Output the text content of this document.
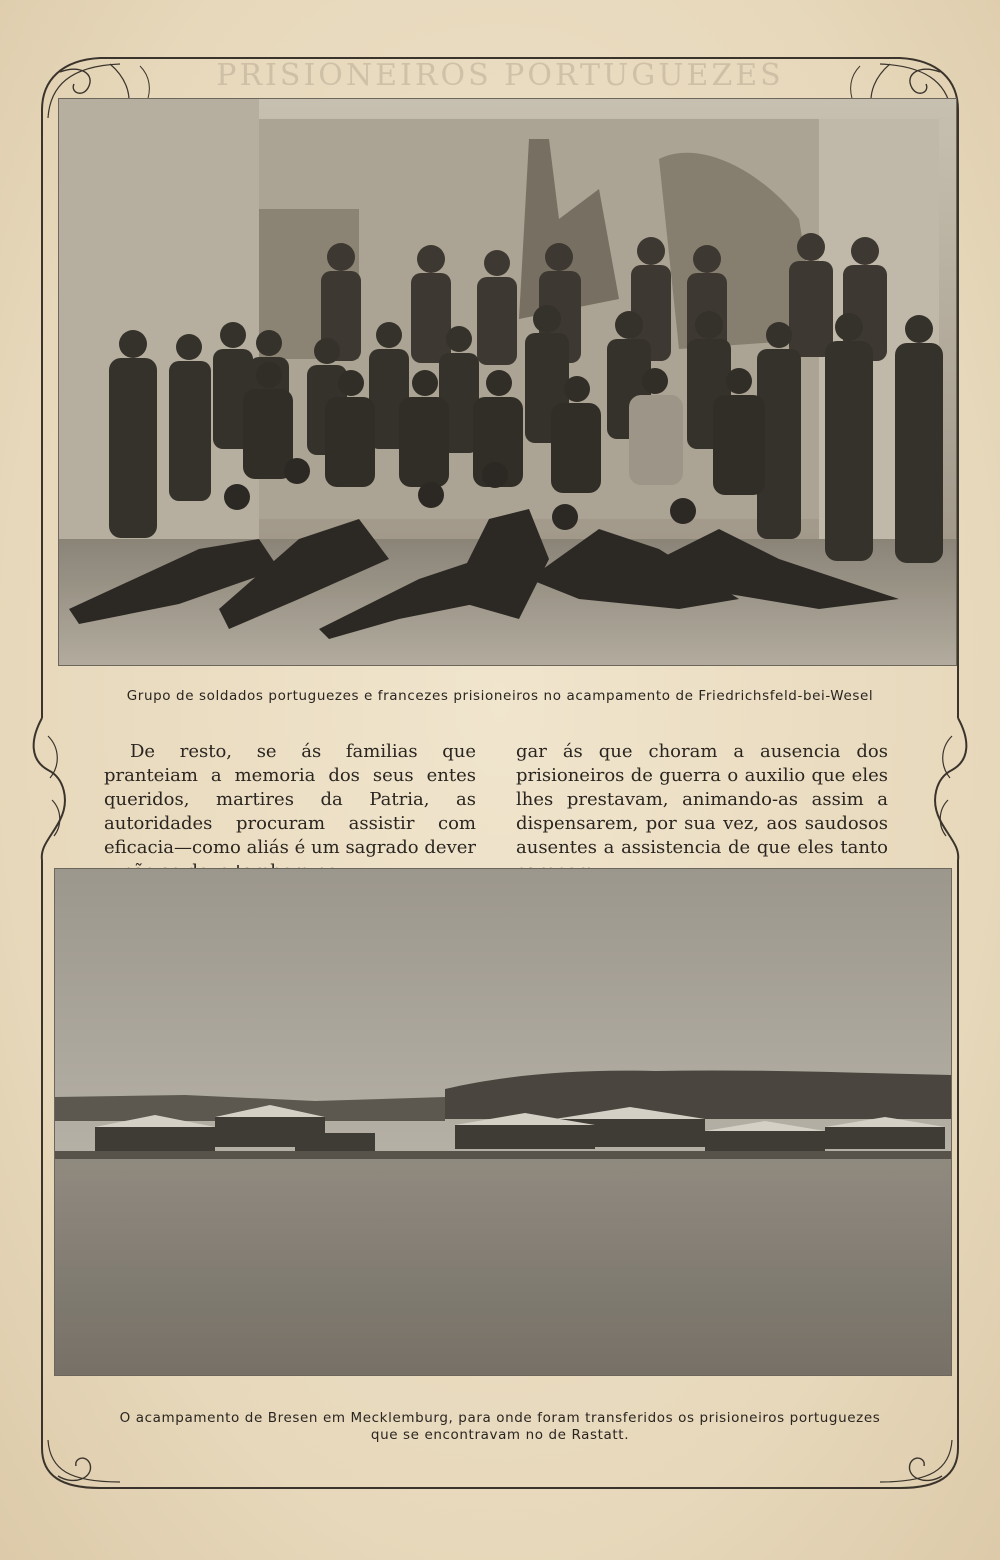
PRISIONEIROS PORTUGUEZES
Grupo de soldados portuguezes e francezes prisioneiros no acampamento de Friedrichsfeld-bei-Wesel

De resto, se ás familias que pranteiam a memoria dos seus entes queridos, martires da Patria, as autoridades procuram assistir com eficacia—como aliás é um sagrado dever

gar ás que choram a ausencia dos prisioneiros de guerra o auxilio que eles lhes prestavam, animando-as assim a dispensarem, por sua vez, aos saudosos ausentes a assistencia de que eles tanto

O acampamento de Bresen em Mecklemburg, para onde foram transferidos os prisioneiros portuguezes
que se encontravam no de Rastatt.
